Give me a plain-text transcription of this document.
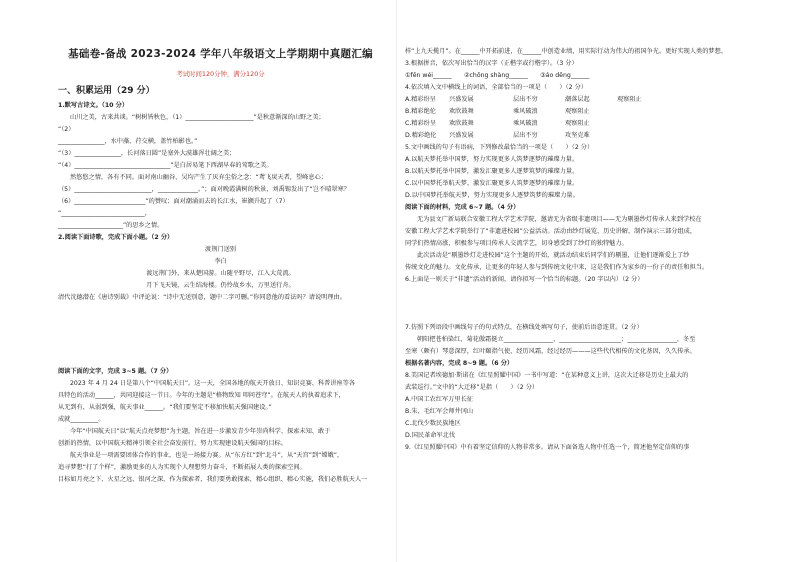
基础卷-备战 2023-2024 学年八年级语文上学期期中真题汇编
考试时间120分钟，满分120分
一、积累运用（29 分）
1.默写古诗文。（10 分）
山川之美，古来共谈。“树树皆秋色，（1）______________________”是秋意渐深的山野之美；
“（2）
_______________，水中藻、荇交横，盖竹柏影也。”
“（3）_______________，长河落日圆”是塞外大漠雄浑壮阔之美；
“（4）_______________________________”是白居易笔下西湖早春的莺歌之美。
然悠悠之情，各有不同。面对南山幽谷，吴均产生了厌弃尘俗之念：“鸢飞戾天者，望峰息心；
（5）_________________________，_____________。”；面对晚霞满树的秋景，刘禹锡发出了“岂不晴翠寒？
（6）_______________________”的赞叹；面对潮涌而去的长江水，崔颢升起了（7）
“___________________________，
_____________________”的思乡之情。
2.阅读下面诗歌，完成下面小题。（2 分）
渡荆门送别
李白
渡远荆门外，来从楚国游。山随平野尽，江入大荒流。
月下飞天镜，云生结海楼。仍怜故乡水，万里送行舟。
清代沈德潜在《唐诗别裁》中评论说：“诗中无送别意，题中二字可删。”你同意他的看法吗？请说明理由。
阅读下面的文字，完成 3~5 题。（7 分）
2023 年 4 月 24 日是第八个“中国航天日”。这一天，全国各地的航天开放日、知识竞赛、科普讲座等各
具特色的活动______，共同迎接这一节日。今年的主题是“格物致知 叩问苍穹”。在航天人的执着追求下，
从无到有，从弱到强，航天事业______。“我们要坚定不移加快航天强国建设。”
成就_________。
今年“中国航天日”以“航天点亮梦想”为主题，旨在进一步激发青少年崇尚科学、探索未知、敢于
创新的热情，以中国航天精神引领全社会奋发前行，努力实现建设航天强国的目标。
航天事业是一项需要团体合作的事业，也是一场接力赛。从“东方红”到“北斗”，从“天宫”到“嫦娥”，
追寻梦想“打了个样”，激励更多的人为实现个人理想努力奋斗，不断拓展人类的探索空间。
目标如月亮之下、火星之远、银河之深，作为探索者，我们要勇敢探索，精心组织、精心实施，我们必胜航天人一
样“上九天揽月”。在______中开拓前进，在______中创造业绩，用实际行动为伟大的祖国争光。更好实现人类的梦想。
3.根据拼音，依次写出恰当的汉字（正楷字或行楷字）。（3 分）
①fēn wéi______　　②chōng shàng______　　③áo dēng______
4.依次填入文中横线上的词语，全部恰当的一项是（　　）（2 分）
A.精彩纷呈	兴盛发展	层出不穷	潮落层起	观察阻止
B.精彩绝伦	欢欣鼓舞	乘风破浪	观察阻止
C.精彩纷呈	欢欣鼓舞	乘风破浪	观察阻止
D.精彩绝伦	兴盛发展	层出不穷	攻坚克难
5.文中画线的句子有语病，下列修改最恰当的一项是（　　）（2 分）
A.以航天梦托举中国梦，努力实现更多人筑梦逐梦的璀璨力量。
B.以航天梦托举中国梦，激发汇聚更多人逐梦筑梦的璀璨力量。
C.以中国梦托举航天梦，激发汇聚更多人筑梦逐梦的璀璨力量。
D.以中国梦托举航天梦，努力实现更多人逐梦筑梦的璀璨力量。
阅读下面的材料，完成 6~7 题。（4 分）
无为县文广新局联合安徽工程大学艺术学院，邀请无为省级非遗项目——无为剔墨纱灯传承人来到学校在
安徽工程大学艺术学院举行了“非遗进校园”公益活动。活动由纱灯展览、历史讲解、制作演示三部分组成，
同学们热情高涨，积极参与项目传承人交流学艺，切身感受到了纱灯的独特魅力。
此次活动是“剔墨纱灯走进校园”这个主题的开始，就活动结束后同学们的剔墨，让他们逐渐爱上了纱
传统文化的魅力。文化传承，让更多的年轻人参与到传统文化中来，这是我们作为家乡的一份子的责任和担当。
6.上面是一则关于“非遗”活动的新闻，请你拟写一个恰当的标题。（20 字以内）（2 分）
7.仿照下列语段中画线句子的句式特点，在横线处填写句子，使前后语意连贯。（2 分）
朝阳把苍柏染红，菊花傲霜挺立________________，____________________；________________，冬至
至寒（颇有）琴意深厚，红叶颐指气使、经历风霜，经过经历———这些代代相传的文化基因，久久传承。
根据名著内容，完成 8~9 题。（6 分）
8.美国记者埃德加·斯诺在《红星照耀中国》一书中写道：“在某种意义上讲，这次大迁移是历史上最大的
武装巡行。”文中的“大迁移”是指（　　）（2 分）
A.中国工农红军万里长征
B.朱、毛红军会师井冈山
C.北伐少数民族地区
D.国民革命军北伐
9.《红星照耀中国》中有着坚定信仰的人物非常多。请从下面备选人物中任选一个，简述他坚定信仰的事
